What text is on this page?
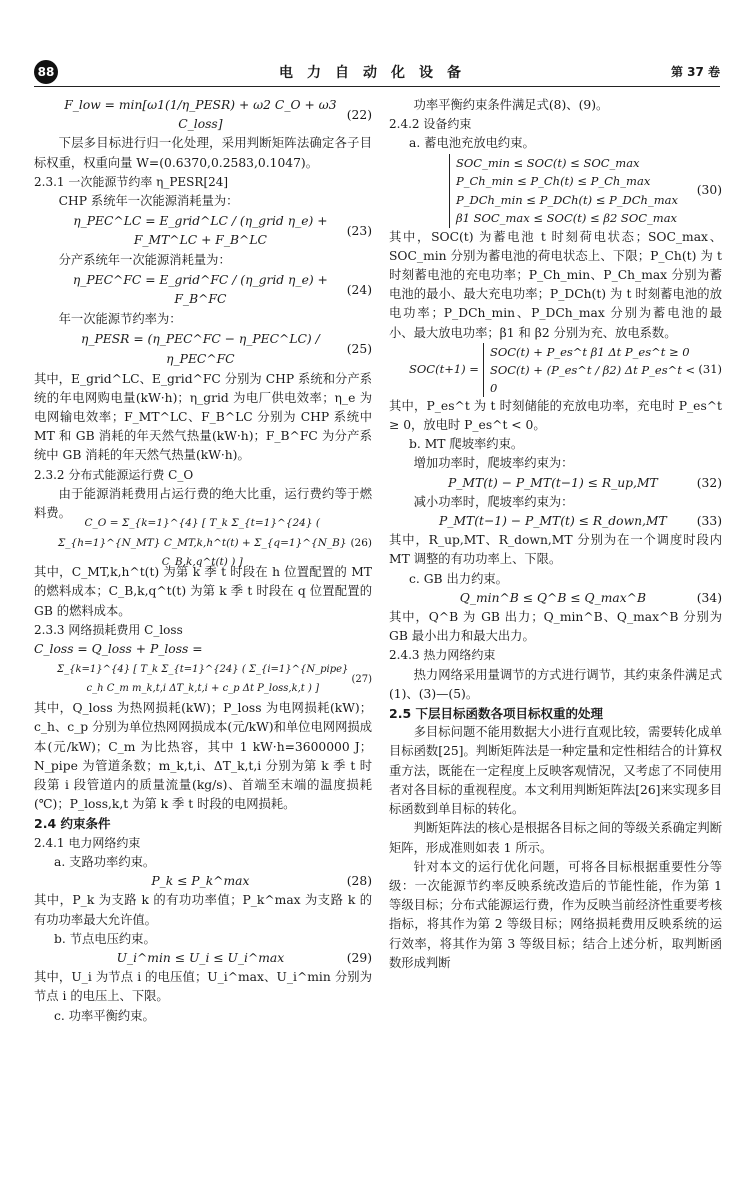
88	电力自动化设备	第 37 卷
F_low = min[ω1(1/η_PESR) + ω2 C_O + ω3 C_loss]
(22)

下层多目标进行归一化处理，采用判断矩阵法确定各子目标权重，权重向量 W=(0.6370,0.2583,0.1047)。

2.3.1 一次能源节约率 η_PESR[24]

CHP 系统年一次能源消耗量为：

η_PEC^LC = E_grid^LC / (η_grid η_e) + F_MT^LC + F_B^LC
(23)

分产系统年一次能源消耗量为：

η_PEC^FC = E_grid^FC / (η_grid η_e) + F_B^FC
(24)

年一次能源节约率为：

η_PESR = (η_PEC^FC − η_PEC^LC) / η_PEC^FC
(25)

其中，E_grid^LC、E_grid^FC 分别为 CHP 系统和分产系统的年电网购电量(kW·h)；η_grid 为电厂供电效率；η_e 为电网输电效率；F_MT^LC、F_B^LC 分别为 CHP 系统中 MT 和 GB 消耗的年天然气热量(kW·h)；F_B^FC 为分产系统中 GB 消耗的年天然气热量(kW·h)。

2.3.2 分布式能源运行费 C_O

由于能源消耗费用占运行费的绝大比重，运行费约等于燃料费。

C_O = Σ_{k=1}^{4} [ T_k Σ_{t=1}^{24} ( Σ_{h=1}^{N_MT} C_MT,k,h^t(t) + Σ_{q=1}^{N_B} C_B,k,q^t(t) ) ]
(26)

其中，C_MT,k,h^t(t) 为第 k 季 t 时段在 h 位置配置的 MT 的燃料成本；C_B,k,q^t(t) 为第 k 季 t 时段在 q 位置配置的 GB 的燃料成本。

2.3.3 网络损耗费用 C_loss
C_loss = Q_loss + P_loss =
Σ_{k=1}^{4} [ T_k Σ_{t=1}^{24} ( Σ_{i=1}^{N_pipe} c_h C_m m_k,t,i ΔT_k,t,i + c_p Δt P_loss,k,t ) ]
(27)

其中，Q_loss 为热网损耗(kW)；P_loss 为电网损耗(kW)；c_h、c_p 分别为单位热网网损成本(元/kW)和单位电网网损成本(元/kW)；C_m 为比热容，其中 1 kW·h=3600000 J；N_pipe 为管道条数；m_k,t,i、ΔT_k,t,i 分别为第 k 季 t 时段第 i 段管道内的质量流量(kg/s)、首端至末端的温度损耗(℃)；P_loss,k,t 为第 k 季 t 时段的电网损耗。

2.4 约束条件
2.4.1 电力网络约束
a. 支路功率约束。
P_k ≤ P_k^max	(28)

其中，P_k 为支路 k 的有功功率值；P_k^max 为支路 k 的有功功率最大允许值。

b. 节点电压约束。
U_i^min ≤ U_i ≤ U_i^max	(29)

其中，U_i 为节点 i 的电压值；U_i^max、U_i^min 分别为节点 i 的电压上、下限。

c. 功率平衡约束。

功率平衡约束条件满足式(8)、(9)。

2.4.2 设备约束
a. 蓄电池充放电约束。
SOC_min ≤ SOC(t) ≤ SOC_max
P_Ch_min ≤ P_Ch(t) ≤ P_Ch_max
P_DCh_min ≤ P_DCh(t) ≤ P_DCh_max
β1 SOC_max ≤ SOC(t) ≤ β2 SOC_max
(30)

其中，SOC(t) 为蓄电池 t 时刻荷电状态；SOC_max、SOC_min 分别为蓄电池的荷电状态上、下限；P_Ch(t) 为 t 时刻蓄电池的充电功率；P_Ch_min、P_Ch_max 分别为蓄电池的最小、最大充电功率；P_DCh(t) 为 t 时刻蓄电池的放电功率；P_DCh_min、P_DCh_max 分别为蓄电池的最小、最大放电功率；β1 和 β2 分别为充、放电系数。

SOC(t+1) =
SOC(t) + P_es^t β1 Δt P_es^t ≥ 0
SOC(t) + (P_es^t / β2) Δt P_es^t < 0
(31)

其中，P_es^t 为 t 时刻储能的充放电功率，充电时 P_es^t ≥ 0，放电时 P_es^t < 0。

b. MT 爬坡率约束。

增加功率时，爬坡率约束为：

P_MT(t) − P_MT(t−1) ≤ R_up,MT	(32)

减小功率时，爬坡率约束为：

P_MT(t−1) − P_MT(t) ≤ R_down,MT	(33)

其中，R_up,MT、R_down,MT 分别为在一个调度时段内 MT 调整的有功功率上、下限。

c. GB 出力约束。
Q_min^B ≤ Q^B ≤ Q_max^B	(34)

其中，Q^B 为 GB 出力；Q_min^B、Q_max^B 分别为 GB 最小出力和最大出力。

2.4.3 热力网络约束

热力网络采用量调节的方式进行调节，其约束条件满足式(1)、(3)—(5)。

2.5 下层目标函数各项目标权重的处理

多目标问题不能用数据大小进行直观比较，需要转化成单目标函数[25]。判断矩阵法是一种定量和定性相结合的计算权重方法，既能在一定程度上反映客观情况，又考虑了不同使用者对各目标的重视程度。本文利用判断矩阵法[26]来实现多目标函数到单目标的转化。

判断矩阵法的核心是根据各目标之间的等级关系确定判断矩阵，形成准则如表 1 所示。

针对本文的运行优化问题，可将各目标根据重要性分等级：一次能源节约率反映系统改造后的节能性能，作为第 1 等级目标；分布式能源运行费，作为反映当前经济性重要考核指标，将其作为第 2 等级目标；网络损耗费用反映系统的运行效率，将其作为第 3 等级目标；结合上述分析，取判断函数形成判断
